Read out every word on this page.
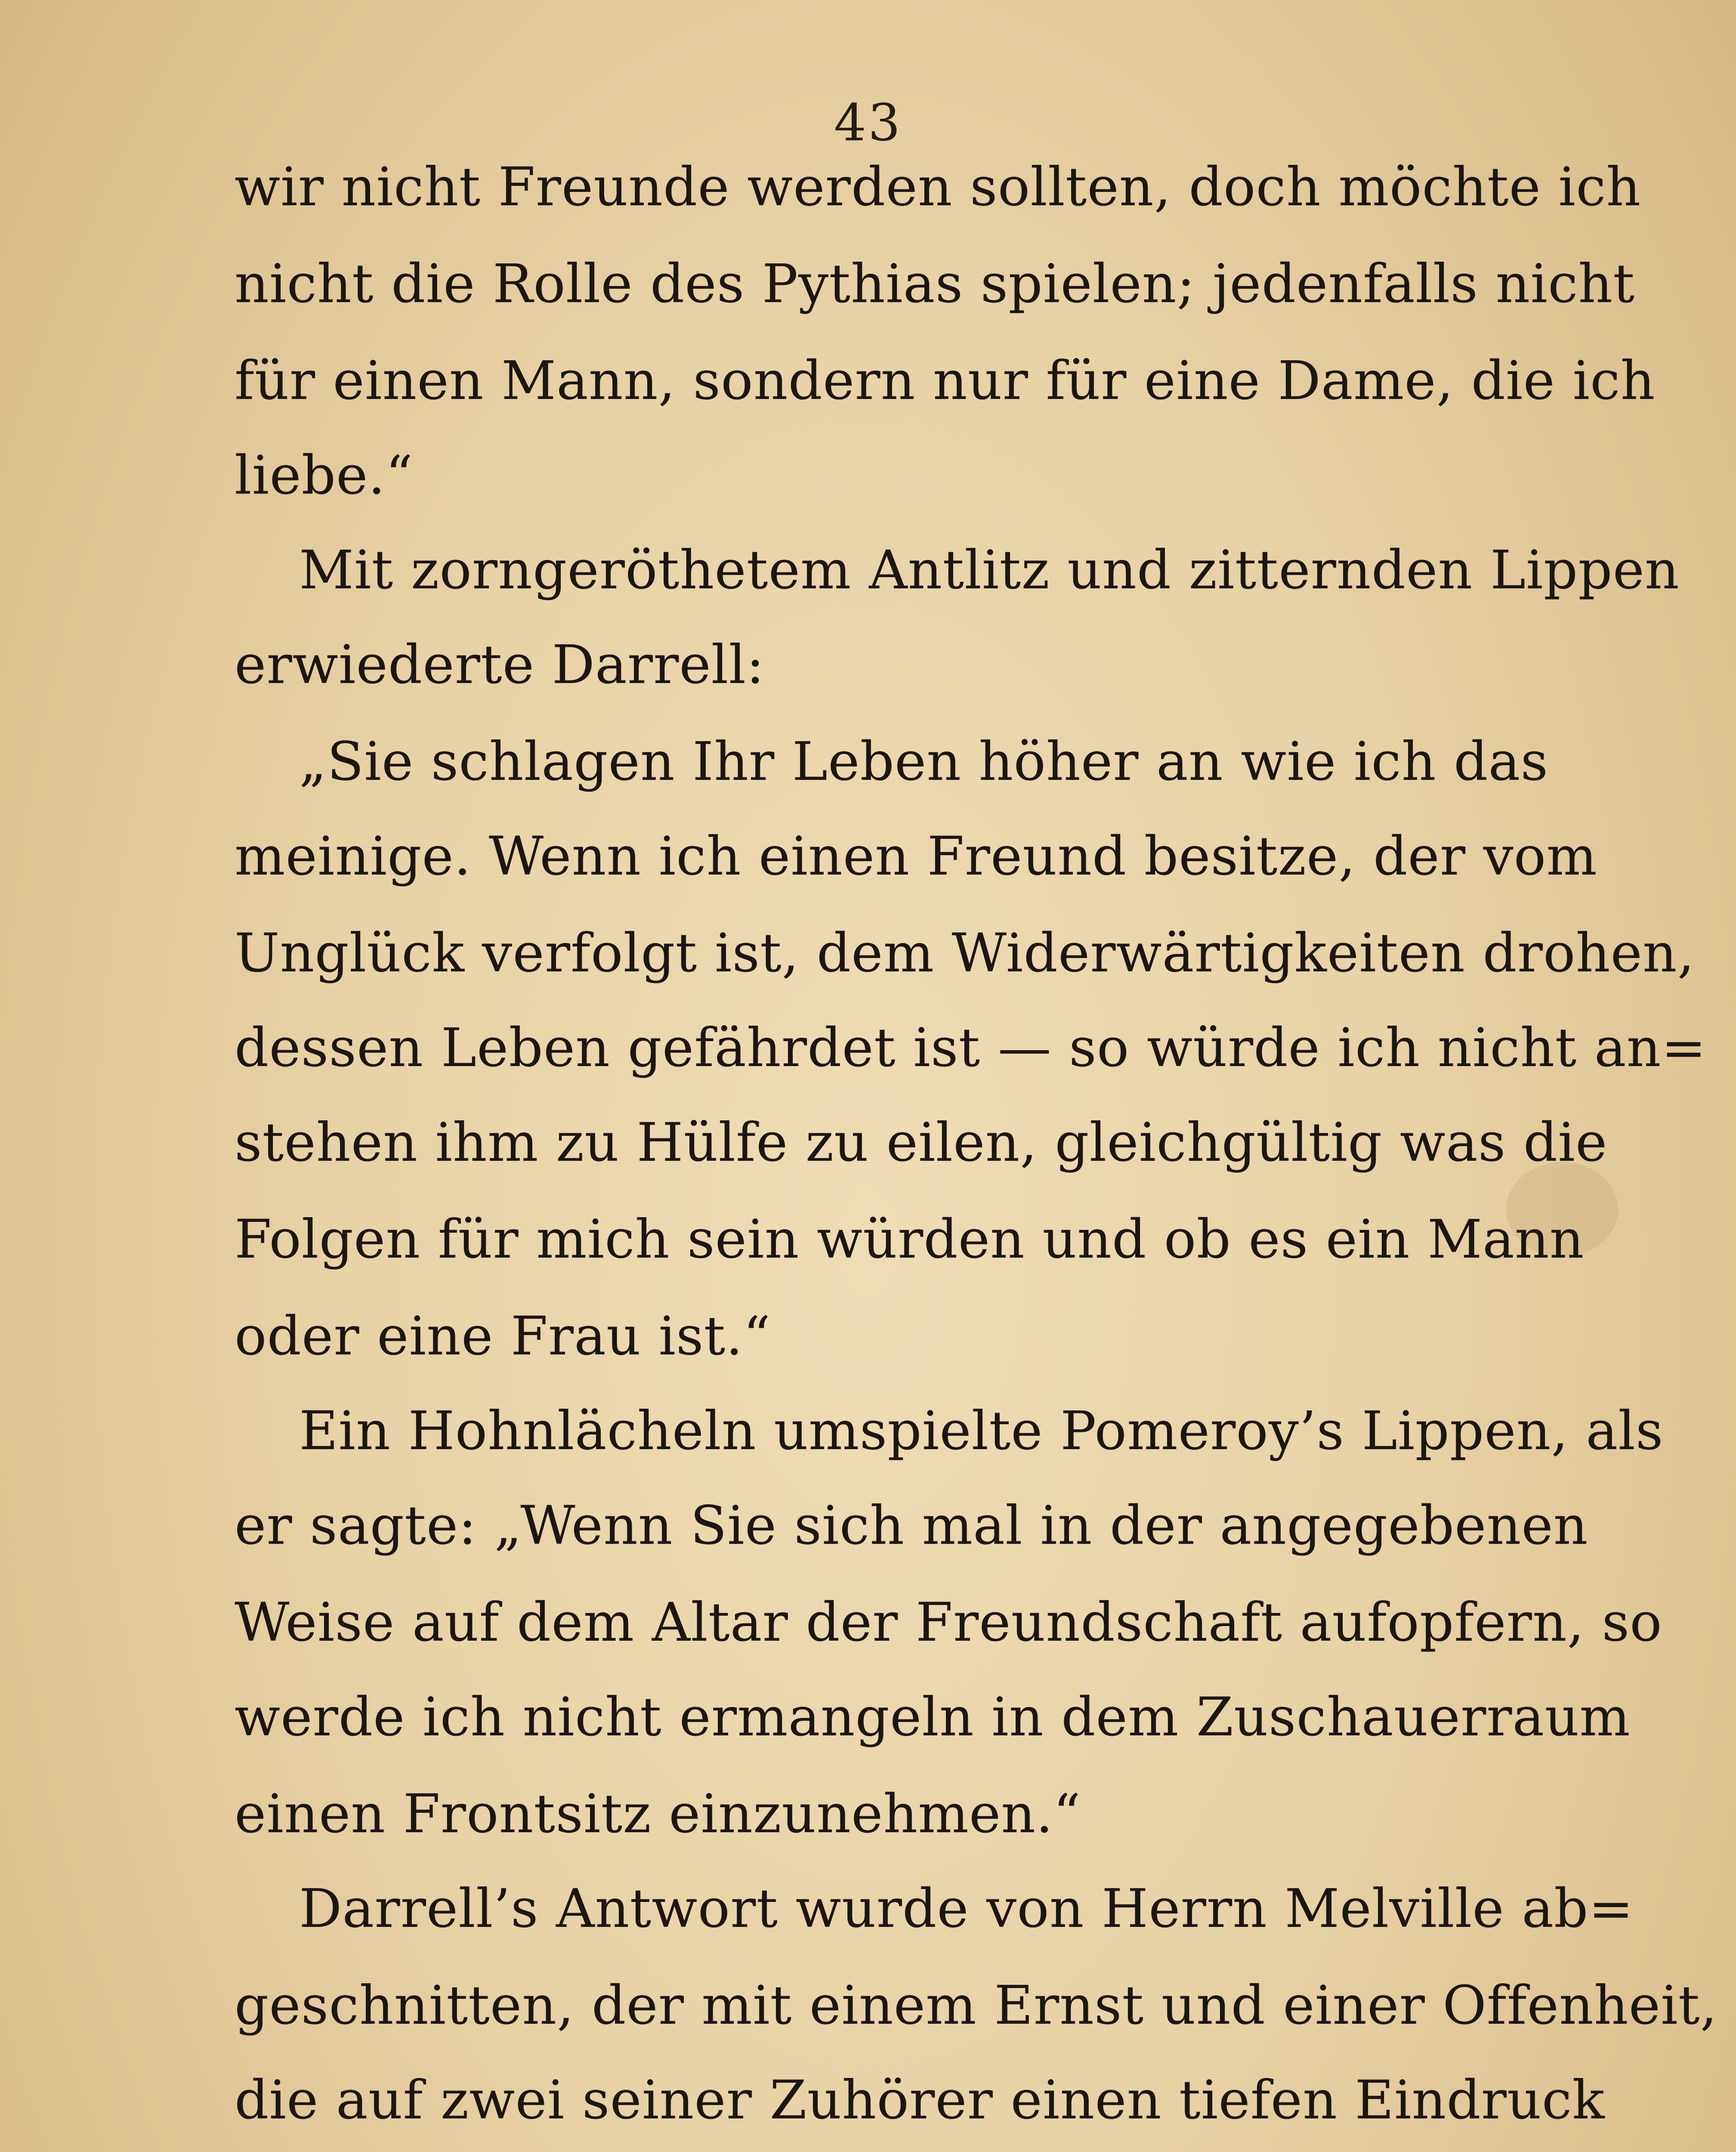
43
wir nicht Freunde werden sollten, doch möchte ich
nicht die Rolle des Pythias spielen; jedenfalls nicht
für einen Mann, sondern nur für eine Dame, die ich
liebe.“
Mit zorngeröthetem Antlitz und zitternden Lippen
erwiederte Darrell:
„Sie schlagen Ihr Leben höher an wie ich das
meinige. Wenn ich einen Freund besitze, der vom
Unglück verfolgt ist, dem Widerwärtigkeiten drohen,
dessen Leben gefährdet ist — so würde ich nicht an=
stehen ihm zu Hülfe zu eilen, gleichgültig was die
Folgen für mich sein würden und ob es ein Mann
oder eine Frau ist.“
Ein Hohnlächeln umspielte Pomeroy’s Lippen, als
er sagte: „Wenn Sie sich mal in der angegebenen
Weise auf dem Altar der Freundschaft aufopfern, so
werde ich nicht ermangeln in dem Zuschauerraum
einen Frontsitz einzunehmen.“
Darrell’s Antwort wurde von Herrn Melville ab=
geschnitten, der mit einem Ernst und einer Offenheit,
die auf zwei seiner Zuhörer einen tiefen Eindruck
